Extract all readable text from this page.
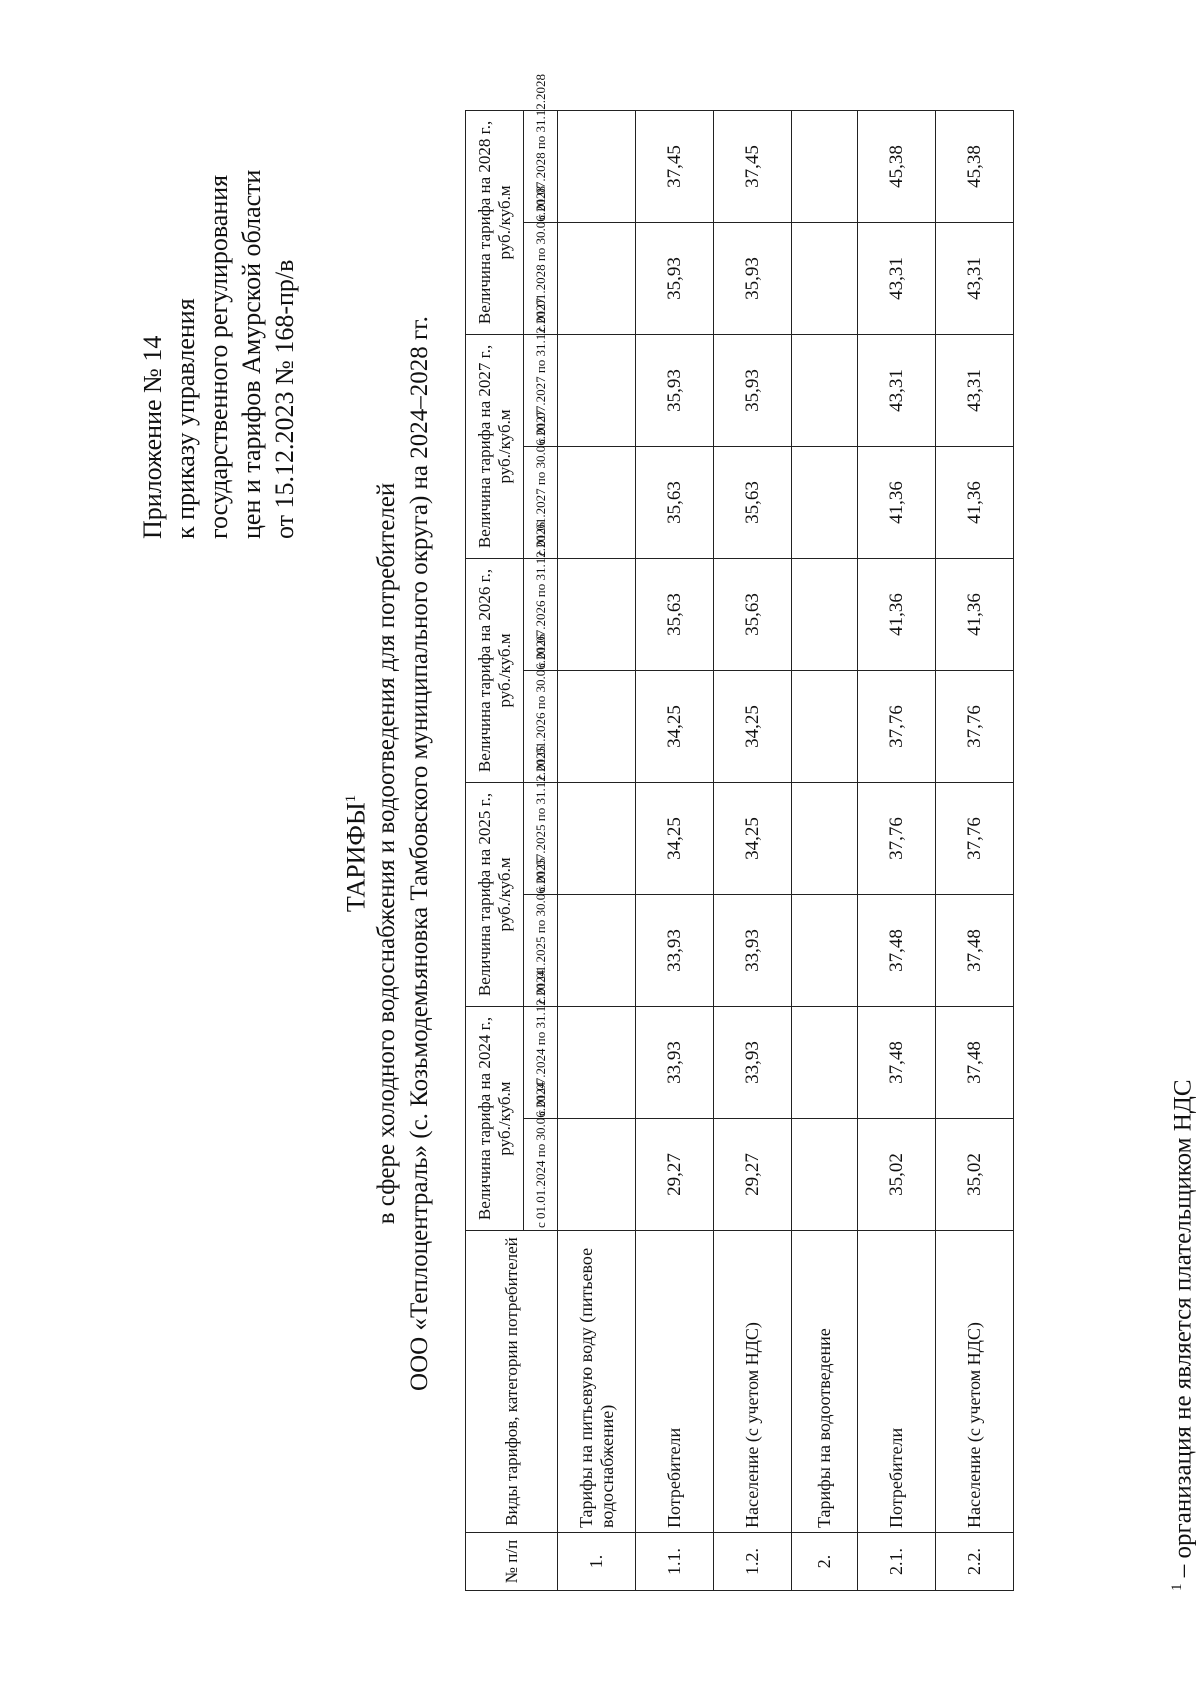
Приложение № 14 к приказу управления государственного регулирования цен и тарифов Амурской области от 15.12.2023 № 168-пр/в
ТАРИФЫ$^1$ в сфере холодного водоснабжения и водоотведения для потребителей ООО «Теплоцентраль» (с. Козьмодемьяновка Тамбовского муниципального округа) на 2024–2028 гг.
№ п/п	Виды тарифов, категории потребителей	Величина тарифа на 2024 г., руб./куб.м		Величина тарифа на 2025 г., руб./куб.м		Величина тарифа на 2026 г., руб./куб.м		Величина тарифа на 2027 г., руб./куб.м		Величина тарифа на 2028 г., руб./куб.м	
		с 01.01.2024 по 30.06.2024	с 01.07.2024 по 31.12.2024	с 01.01.2025 по 30.06.2025	с 01.07.2025 по 31.12.2025	с 01.01.2026 по 30.06.2026	с 01.07.2026 по 31.12.2026	с 01.01.2027 по 30.06.2027	с 01.07.2027 по 31.12.2027	с 01.01.2028 по 30.06.2028	с 01.07.2028 по 31.12.2028
1.	Тарифы на питьевую воду (питьевое водоснабжение)										
1.1.	Потребители	29,27	33,93	33,93	34,25	34,25	35,63	35,63	35,93	35,93	37,45
1.2.	Население (с учетом НДС)	29,27	33,93	33,93	34,25	34,25	35,63	35,63	35,93	35,93	37,45
2.	Тарифы на водоотведение										
2.1.	Потребители	35,02	37,48	37,48	37,76	37,76	41,36	41,36	43,31	43,31	45,38
2.2.	Население (с учетом НДС)	35,02	37,48	37,48	37,76	37,76	41,36	41,36	43,31	43,31	45,38
$^1$ – организация не является плательщиком НДС
